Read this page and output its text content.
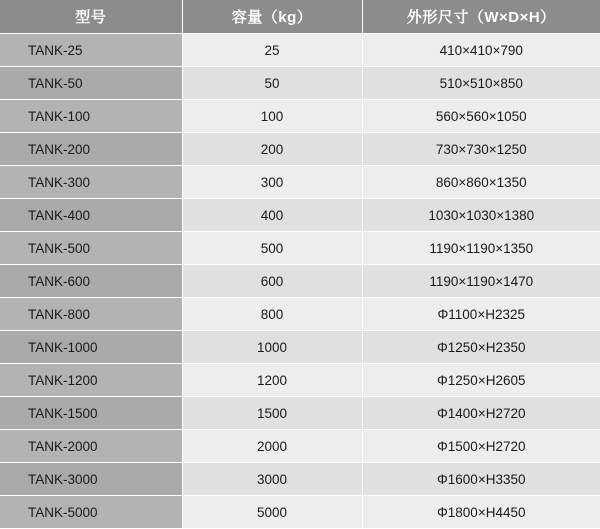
型号	容量（kg）	外形尺寸（W×D×H）
TANK-25	25	410×410×790
TANK-50	50	510×510×850
TANK-100	100	560×560×1050
TANK-200	200	730×730×1250
TANK-300	300	860×860×1350
TANK-400	400	1030×1030×1380
TANK-500	500	1190×1190×1350
TANK-600	600	1190×1190×1470
TANK-800	800	Φ1100×H2325
TANK-1000	1000	Φ1250×H2350
TANK-1200	1200	Φ1250×H2605
TANK-1500	1500	Φ1400×H2720
TANK-2000	2000	Φ1500×H2720
TANK-3000	3000	Φ1600×H3350
TANK-5000	5000	Φ1800×H4450
